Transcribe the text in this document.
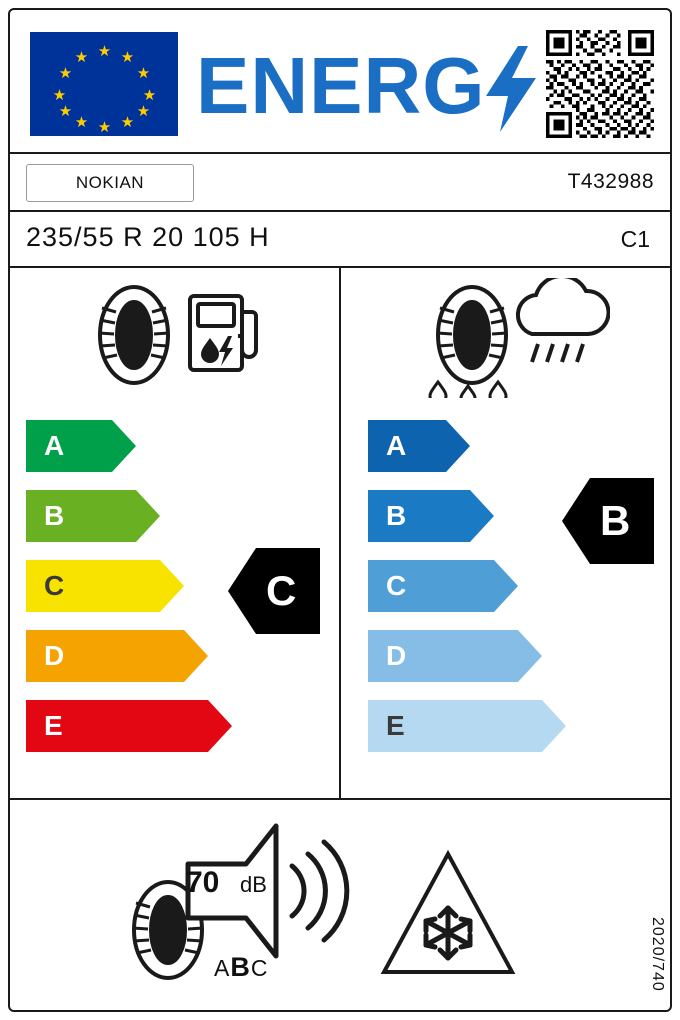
★ ★
★
★
★
★
★
★
★
★
★
★ ENERG
NOKIAN	T432988
235/55 R 20 105 H	C1
A
B
C
D
E
C
A
B
C
D
E
B
70 dB
ABC	2020/740
